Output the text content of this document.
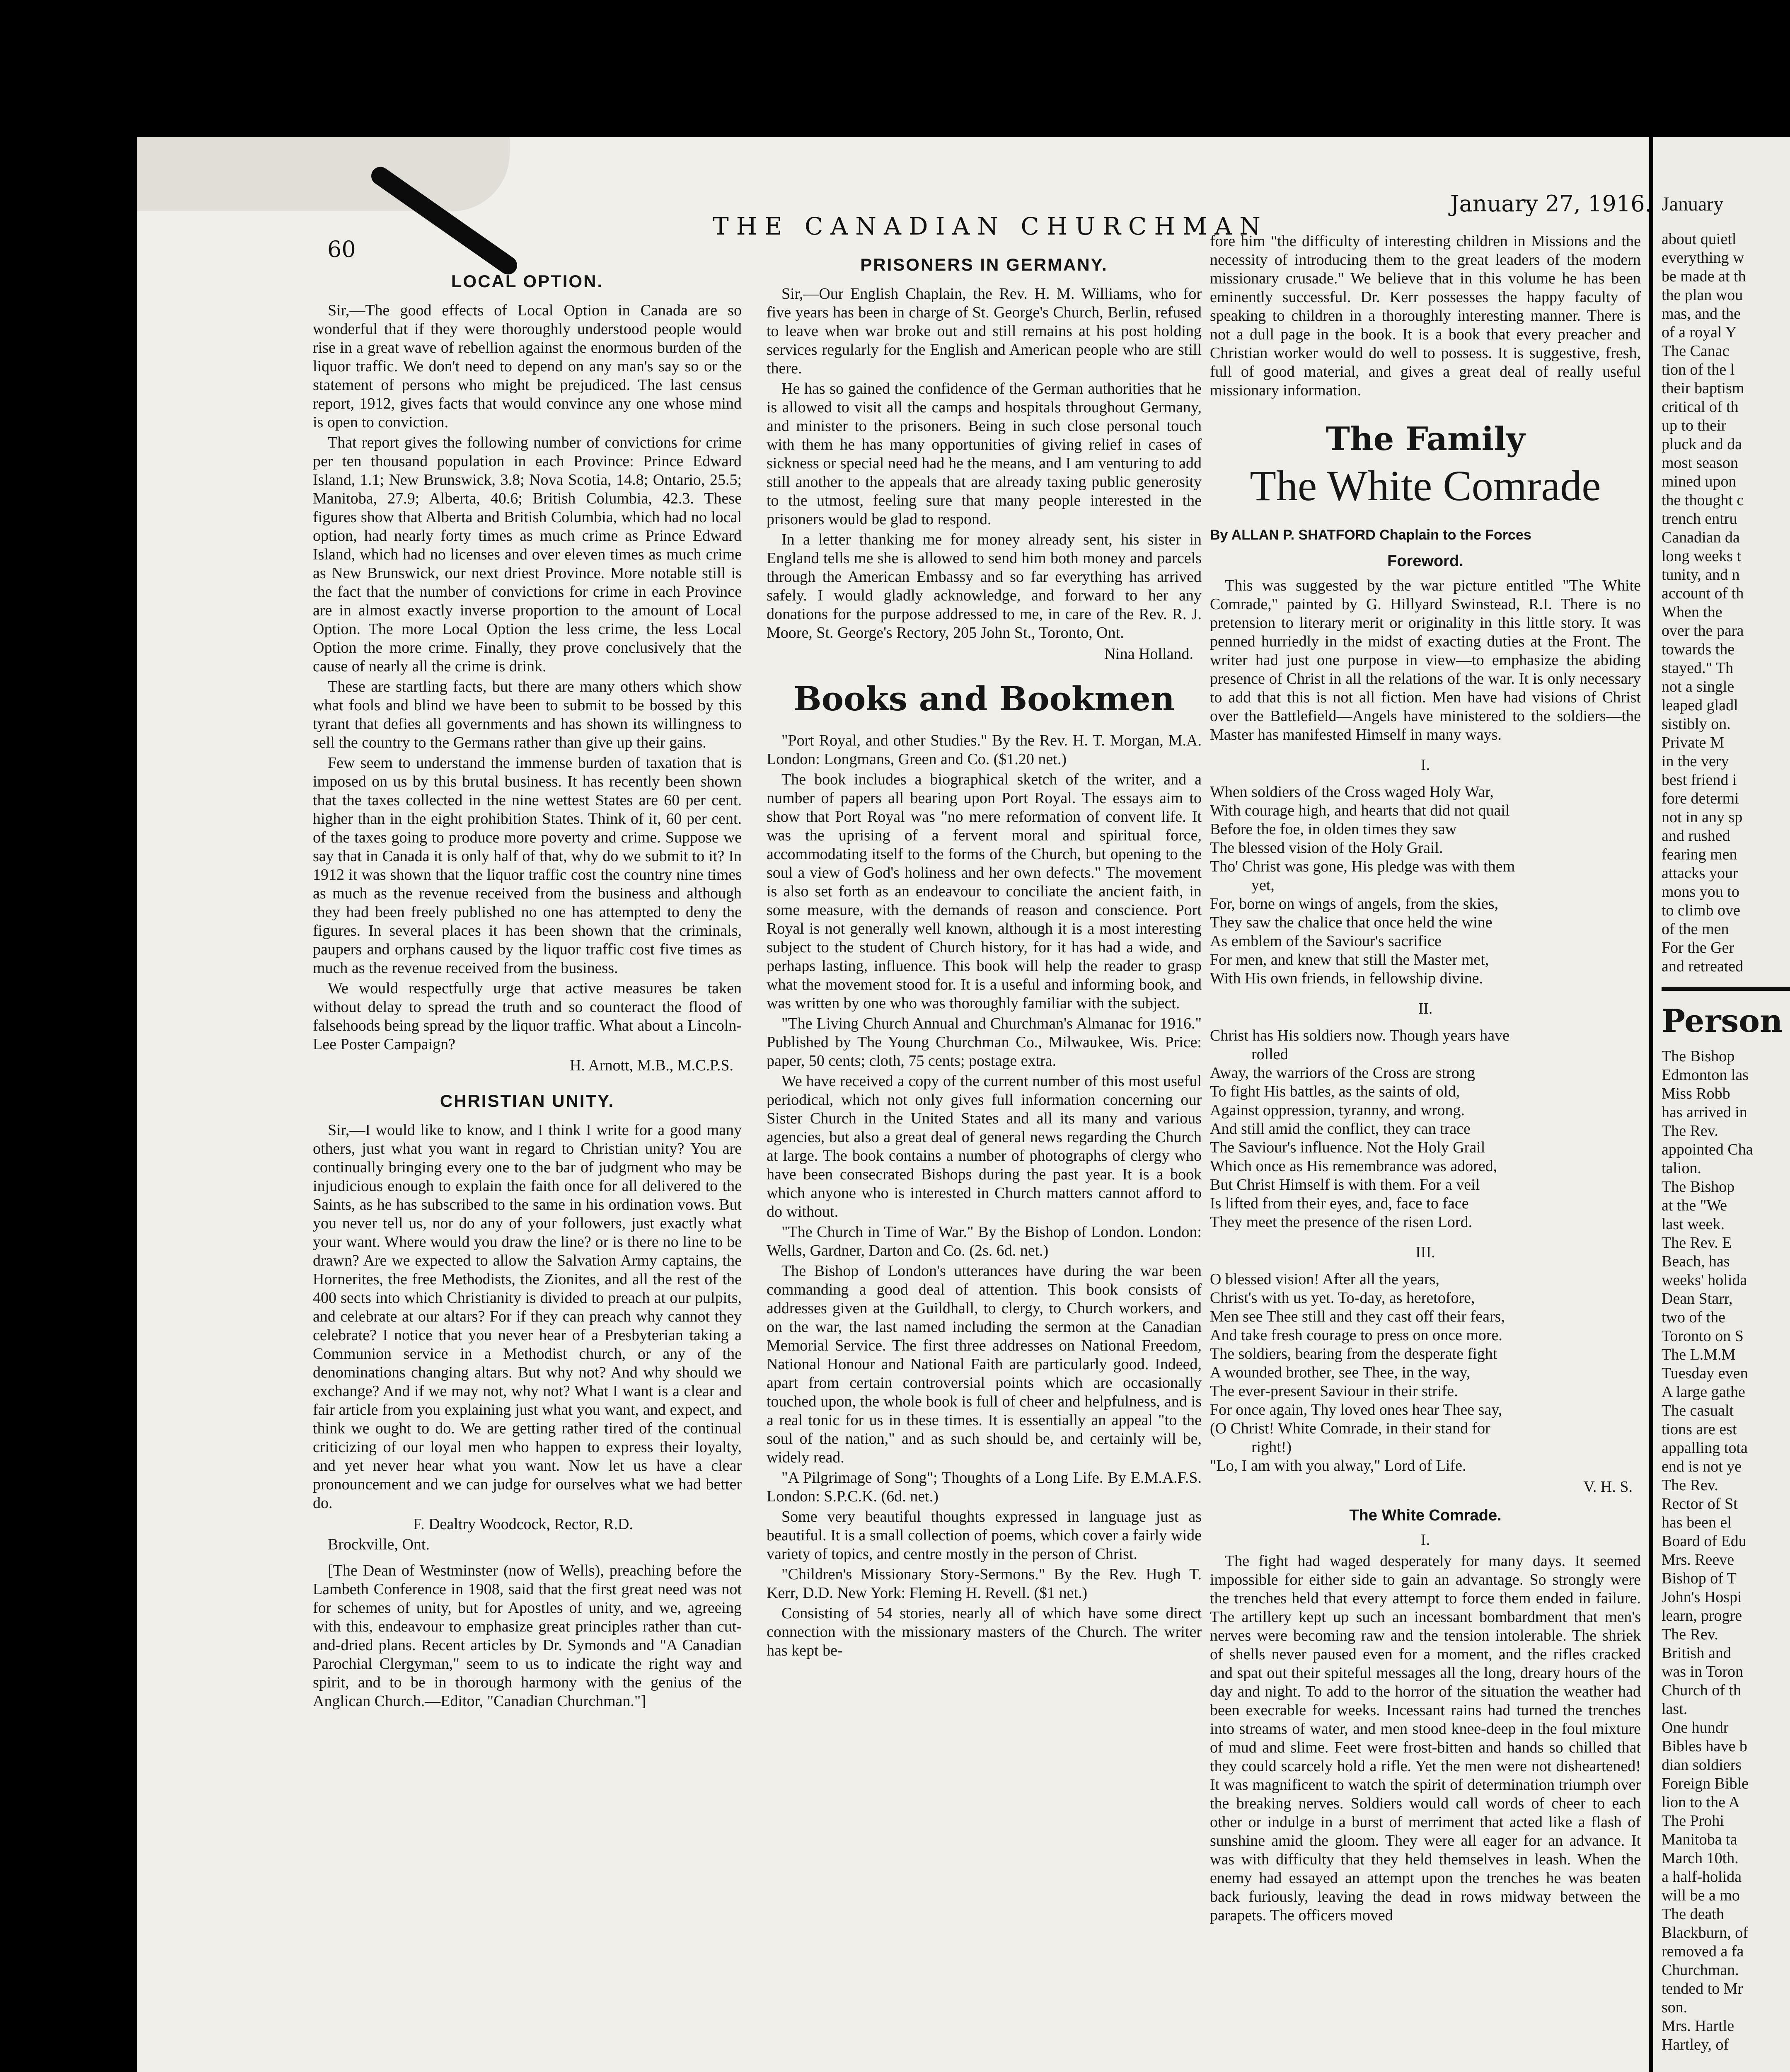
60
THE CANADIAN CHURCHMAN
January 27, 1916.
LOCAL OPTION.

Sir,—The good effects of Local Option in Canada are so wonderful that if they were thoroughly understood people would rise in a great wave of rebellion against the enormous burden of the liquor traffic. We don't need to depend on any man's say so or the statement of persons who might be prejudiced. The last census report, 1912, gives facts that would convince any one whose mind is open to conviction.

That report gives the following number of convictions for crime per ten thousand population in each Province: Prince Edward Island, 1.1; New Brunswick, 3.8; Nova Scotia, 14.8; Ontario, 25.5; Manitoba, 27.9; Alberta, 40.6; British Columbia, 42.3. These figures show that Alberta and British Columbia, which had no local option, had nearly forty times as much crime as Prince Edward Island, which had no licenses and over eleven times as much crime as New Brunswick, our next driest Province. More notable still is the fact that the number of convictions for crime in each Province are in almost exactly inverse proportion to the amount of Local Option. The more Local Option the less crime, the less Local Option the more crime. Finally, they prove conclusively that the cause of nearly all the crime is drink.

These are startling facts, but there are many others which show what fools and blind we have been to submit to be bossed by this tyrant that defies all governments and has shown its willingness to sell the country to the Germans rather than give up their gains.

Few seem to understand the immense burden of taxation that is imposed on us by this brutal business. It has recently been shown that the taxes collected in the nine wettest States are 60 per cent. higher than in the eight prohibition States. Think of it, 60 per cent. of the taxes going to produce more poverty and crime. Suppose we say that in Canada it is only half of that, why do we submit to it? In 1912 it was shown that the liquor traffic cost the country nine times as much as the revenue received from the business and although they had been freely published no one has attempted to deny the figures. In several places it has been shown that the criminals, paupers and orphans caused by the liquor traffic cost five times as much as the revenue received from the business.

We would respectfully urge that active measures be taken without delay to spread the truth and so counteract the flood of falsehoods being spread by the liquor traffic. What about a Lincoln-Lee Poster Campaign?

H. Arnott, M.B., M.C.P.S.
CHRISTIAN UNITY.

Sir,—I would like to know, and I think I write for a good many others, just what you want in regard to Christian unity? You are continually bringing every one to the bar of judgment who may be injudicious enough to explain the faith once for all delivered to the Saints, as he has subscribed to the same in his ordination vows. But you never tell us, nor do any of your followers, just exactly what your want. Where would you draw the line? or is there no line to be drawn? Are we expected to allow the Salvation Army captains, the Hornerites, the free Methodists, the Zionites, and all the rest of the 400 sects into which Christianity is divided to preach at our pulpits, and celebrate at our altars? For if they can preach why cannot they celebrate? I notice that you never hear of a Presbyterian taking a Communion service in a Methodist church, or any of the denominations changing altars. But why not? And why should we exchange? And if we may not, why not? What I want is a clear and fair article from you explaining just what you want, and expect, and think we ought to do. We are getting rather tired of the continual criticizing of our loyal men who happen to express their loyalty, and yet never hear what you want. Now let us have a clear pronouncement and we can judge for ourselves what we had better do.

F. Dealtry Woodcock, Rector, R.D.

Brockville, Ont.

[The Dean of Westminster (now of Wells), preaching before the Lambeth Conference in 1908, said that the first great need was not for schemes of unity, but for Apostles of unity, and we, agreeing with this, endeavour to emphasize great principles rather than cut-and-dried plans. Recent articles by Dr. Symonds and "A Canadian Parochial Clergyman," seem to us to indicate the right way and spirit, and to be in thorough harmony with the genius of the Anglican Church.—Editor, "Canadian Churchman."]

PRISONERS IN GERMANY.

Sir,—Our English Chaplain, the Rev. H. M. Williams, who for five years has been in charge of St. George's Church, Berlin, refused to leave when war broke out and still remains at his post holding services regularly for the English and American people who are still there.

He has so gained the confidence of the German authorities that he is allowed to visit all the camps and hospitals throughout Germany, and minister to the prisoners. Being in such close personal touch with them he has many opportunities of giving relief in cases of sickness or special need had he the means, and I am venturing to add still another to the appeals that are already taxing public generosity to the utmost, feeling sure that many people interested in the prisoners would be glad to respond.

In a letter thanking me for money already sent, his sister in England tells me she is allowed to send him both money and parcels through the American Embassy and so far everything has arrived safely. I would gladly acknowledge, and forward to her any donations for the purpose addressed to me, in care of the Rev. R. J. Moore, St. George's Rectory, 205 John St., Toronto, Ont.

Nina Holland.
Books and Bookmen

"Port Royal, and other Studies." By the Rev. H. T. Morgan, M.A. London: Longmans, Green and Co. ($1.20 net.)

The book includes a biographical sketch of the writer, and a number of papers all bearing upon Port Royal. The essays aim to show that Port Royal was "no mere reformation of convent life. It was the uprising of a fervent moral and spiritual force, accommodating itself to the forms of the Church, but opening to the soul a view of God's holiness and her own defects." The movement is also set forth as an endeavour to conciliate the ancient faith, in some measure, with the demands of reason and conscience. Port Royal is not generally well known, although it is a most interesting subject to the student of Church history, for it has had a wide, and perhaps lasting, influence. This book will help the reader to grasp what the movement stood for. It is a useful and informing book, and was written by one who was thoroughly familiar with the subject.

"The Living Church Annual and Churchman's Almanac for 1916." Published by The Young Churchman Co., Milwaukee, Wis. Price: paper, 50 cents; cloth, 75 cents; postage extra.

We have received a copy of the current number of this most useful periodical, which not only gives full information concerning our Sister Church in the United States and all its many and various agencies, but also a great deal of general news regarding the Church at large. The book contains a number of photographs of clergy who have been consecrated Bishops during the past year. It is a book which anyone who is interested in Church matters cannot afford to do without.

"The Church in Time of War." By the Bishop of London. London: Wells, Gardner, Darton and Co. (2s. 6d. net.)

The Bishop of London's utterances have during the war been commanding a good deal of attention. This book consists of addresses given at the Guildhall, to clergy, to Church workers, and on the war, the last named including the sermon at the Canadian Memorial Service. The first three addresses on National Freedom, National Honour and National Faith are particularly good. Indeed, apart from certain controversial points which are occasionally touched upon, the whole book is full of cheer and helpfulness, and is a real tonic for us in these times. It is essentially an appeal "to the soul of the nation," and as such should be, and certainly will be, widely read.

"A Pilgrimage of Song"; Thoughts of a Long Life. By E.M.A.F.S. London: S.P.C.K. (6d. net.)

Some very beautiful thoughts expressed in language just as beautiful. It is a small collection of poems, which cover a fairly wide variety of topics, and centre mostly in the person of Christ.

"Children's Missionary Story-Sermons." By the Rev. Hugh T. Kerr, D.D. New York: Fleming H. Revell. ($1 net.)

Consisting of 54 stories, nearly all of which have some direct connection with the missionary masters of the Church. The writer has kept be-

fore him "the difficulty of interesting children in Missions and the necessity of introducing them to the great leaders of the modern missionary crusade." We believe that in this volume he has been eminently successful. Dr. Kerr possesses the happy faculty of speaking to children in a thoroughly interesting manner. There is not a dull page in the book. It is a book that every preacher and Christian worker would do well to possess. It is suggestive, fresh, full of good material, and gives a great deal of really useful missionary information.

The Family
The White Comrade
By ALLAN P. SHATFORD Chaplain to the Forces
Foreword.

This was suggested by the war picture entitled "The White Comrade," painted by G. Hillyard Swinstead, R.I. There is no pretension to literary merit or originality in this little story. It was penned hurriedly in the midst of exacting duties at the Front. The writer had just one purpose in view—to emphasize the abiding presence of Christ in all the relations of the war. It is only necessary to add that this is not all fiction. Men have had visions of Christ over the Battlefield—Angels have ministered to the soldiers—the Master has manifested Himself in many ways.

I.
When soldiers of the Cross waged Holy War,
With courage high, and hearts that did not quail
Before the foe, in olden times they saw
The blessed vision of the Holy Grail.
Tho' Christ was gone, His pledge was with them
yet,
For, borne on wings of angels, from the skies,
They saw the chalice that once held the wine
As emblem of the Saviour's sacrifice
For men, and knew that still the Master met,
With His own friends, in fellowship divine.
II.
Christ has His soldiers now. Though years have
rolled
Away, the warriors of the Cross are strong
To fight His battles, as the saints of old,
Against oppression, tyranny, and wrong.
And still amid the conflict, they can trace
The Saviour's influence. Not the Holy Grail
Which once as His remembrance was adored,
But Christ Himself is with them. For a veil
Is lifted from their eyes, and, face to face
They meet the presence of the risen Lord.
III.
O blessed vision! After all the years,
Christ's with us yet. To-day, as heretofore,
Men see Thee still and they cast off their fears,
And take fresh courage to press on once more.
The soldiers, bearing from the desperate fight
A wounded brother, see Thee, in the way,
The ever-present Saviour in their strife.
For once again, Thy loved ones hear Thee say,
(O Christ! White Comrade, in their stand for
right!)
"Lo, I am with you alway," Lord of Life.
V. H. S.
The White Comrade.
I.

The fight had waged desperately for many days. It seemed impossible for either side to gain an advantage. So strongly were the trenches held that every attempt to force them ended in failure. The artillery kept up such an incessant bombardment that men's nerves were becoming raw and the tension intolerable. The shriek of shells never paused even for a moment, and the rifles cracked and spat out their spiteful messages all the long, dreary hours of the day and night. To add to the horror of the situation the weather had been execrable for weeks. Incessant rains had turned the trenches into streams of water, and men stood knee-deep in the foul mixture of mud and slime. Feet were frost-bitten and hands so chilled that they could scarcely hold a rifle. Yet the men were not disheartened! It was magnificent to watch the spirit of determination triumph over the breaking nerves. Soldiers would call words of cheer to each other or indulge in a burst of merriment that acted like a flash of sunshine amid the gloom. They were all eager for an advance. It was with difficulty that they held themselves in leash. When the enemy had essayed an attempt upon the trenches he was beaten back furiously, leaving the dead in rows midway between the parapets. The officers moved

January

about quietl

everything w

be made at th

the plan wou

mas, and the

of a royal Y

The Canac

tion of the l

their baptism

critical of th

up to their

pluck and da

most season

mined upon

the thought c

trench entru

Canadian da

long weeks t

tunity, and n

account of th

When the

over the para

towards the

stayed." Th

not a single

leaped gladl

sistibly on.

Private M

in the very

best friend i

fore determi

not in any sp

and rushed

fearing men

attacks your

mons you to

to climb ove

of the men

For the Ger

and retreated

Person

The Bishop

Edmonton las

Miss Robb

has arrived in

The Rev.

appointed Cha

talion.

The Bishop

at the "We

last week.

The Rev. E

Beach, has

weeks' holida

Dean Starr,

two of the

Toronto on S

The L.M.M

Tuesday even

A large gathe

The casualt

tions are est

appalling tota

end is not ye

The Rev.

Rector of St

has been el

Board of Edu

Mrs. Reeve

Bishop of T

John's Hospi

learn, progre

The Rev.

British and

was in Toron

Church of th

last.

One hundr

Bibles have b

dian soldiers

Foreign Bible

lion to the A

The Prohi

Manitoba ta

March 10th.

a half-holida

will be a mo

The death

Blackburn, of

removed a fa

Churchman.

tended to Mr

son.

Mrs. Hartle

Hartley, of
